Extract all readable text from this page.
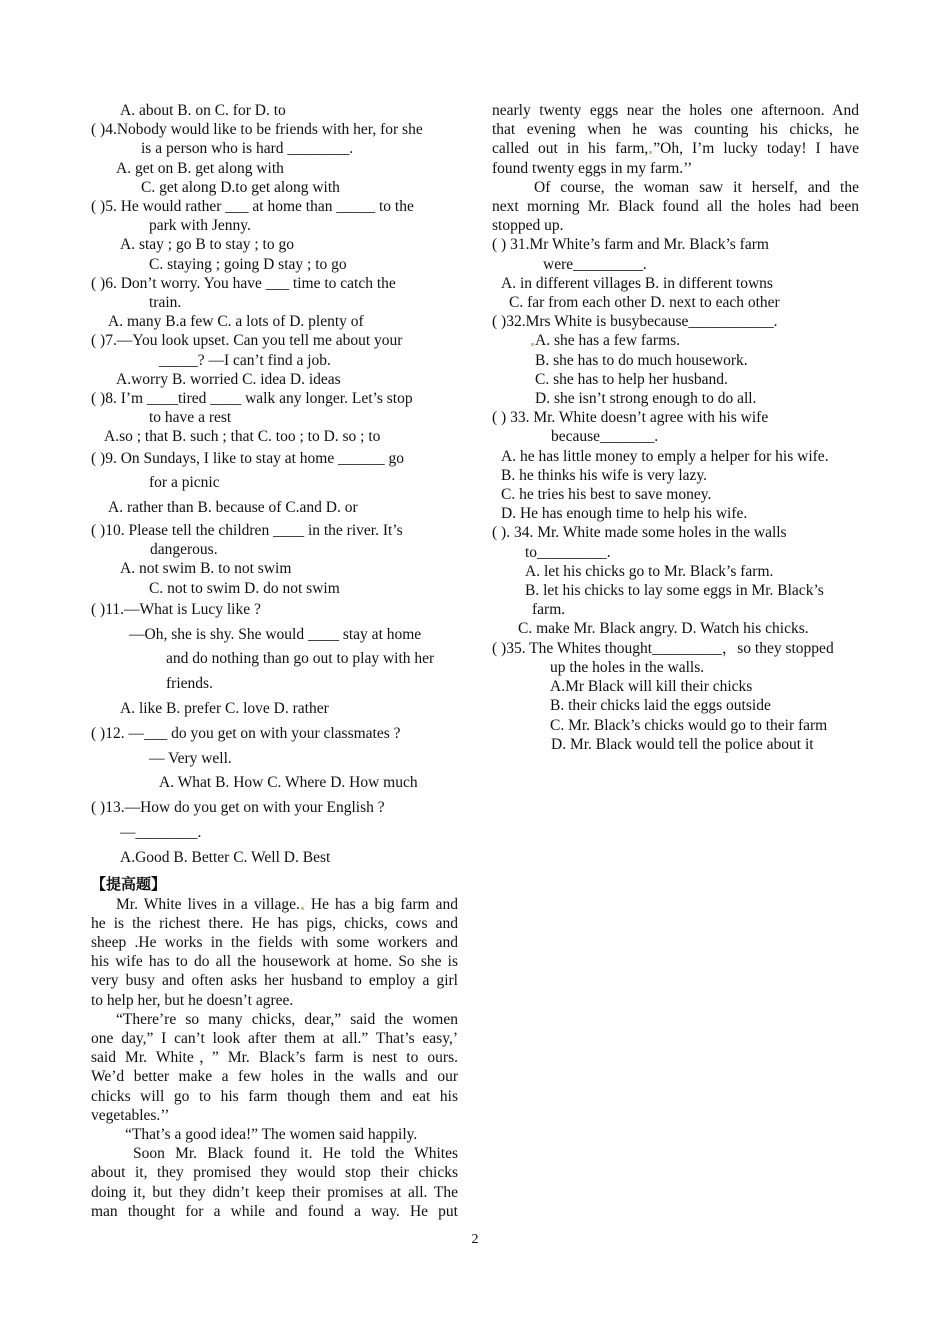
A. about B. on C. for D. to
( )4.Nobody would like to be friends with her, for she
is a person who is hard ________.
A. get on B. get along with
C. get along D.to get along with
( )5. He would rather ___ at home than _____ to the
park with Jenny.
A. stay ; go B to stay ; to go
C. staying ; going D stay ; to go
( )6. Don’t worry. You have ___ time to catch the
train.
A. many B.a few C. a lots of D. plenty of
( )7.—You look upset. Can you tell me about your
_____? —I can’t find a job.
A.worry B. worried C. idea D. ideas
( )8. I’m ____tired ____ walk any longer. Let’s stop
to have a rest
A.so ; that B. such ; that C. too ; to D. so ; to
( )9. On Sundays, I like to stay at home ______ go
for a picnic
A. rather than B. because of C.and D. or
( )10. Please tell the children ____ in the river. It’s
dangerous.
A. not swim B. to not swim
C. not to swim D. do not swim
( )11.—What is Lucy like ?
—Oh, she is shy. She would ____ stay at home
and do nothing than go out to play with her
friends.
A. like B. prefer C. love D. rather
( )12. —___ do you get on with your classmates ?
— Very well.
A. What B. How C. Where D. How much
( )13.—How do you get on with your English ?
—________.
A.Good B. Better C. Well D. Best
【提高题】
Mr. White lives in a village. He has a big farm and
he is the richest there. He has pigs, chicks, cows and
sheep .He works in the fields with some workers and
his wife has to do all the housework at home. So she is
very busy and often asks her husband to employ a girl
to help her, but he doesn’t agree.
“There’re so many chicks, dear,” said the women
one day,” I can’t look after them at all.” That’s easy,’
said Mr. White，” Mr. Black’s farm is nest to ours.
We’d better make a few holes in the walls and our
chicks will go to his farm though them and eat his
vegetables.’’
“That’s a good idea!” The women said happily.
Soon Mr. Black found it. He told the Whites
about it, they promised they would stop their chicks
doing it, but they didn’t keep their promises at all. The
man thought for a while and found a way. He put
nearly twenty eggs near the holes one afternoon. And
that evening when he was counting his chicks, he
called out in his farm, ”Oh, I’m lucky today! I have
found twenty eggs in my farm.’’
Of course, the woman saw it herself, and the
next morning Mr. Black found all the holes had been
stopped up.
( ) 31.Mr White’s farm and Mr. Black’s farm
were_________.
A. in different villages B. in different towns
C. far from each other D. next to each other
( )32.Mrs White is busybecause___________.
A. she has a few farms.
B. she has to do much housework.
C. she has to help her husband.
D. she isn’t strong enough to do all.
( ) 33. Mr. White doesn’t agree with his wife
because_______.
A. he has little money to emply a helper for his wife.
B. he thinks his wife is very lazy.
C. he tries his best to save money.
D. He has enough time to help his wife.
( ). 34. Mr. White made some holes in the walls
to_________.
A. let his chicks go to Mr. Black’s farm.
B. let his chicks to lay some eggs in Mr. Black’s
farm.
C. make Mr. Black angry. D. Watch his chicks.
( )35. The Whites thought_________，so they stopped
up the holes in the walls.
A.Mr Black will kill their chicks
B. their chicks laid the eggs outside
C. Mr. Black’s chicks would go to their farm
D. Mr. Black would tell the police about it
2
